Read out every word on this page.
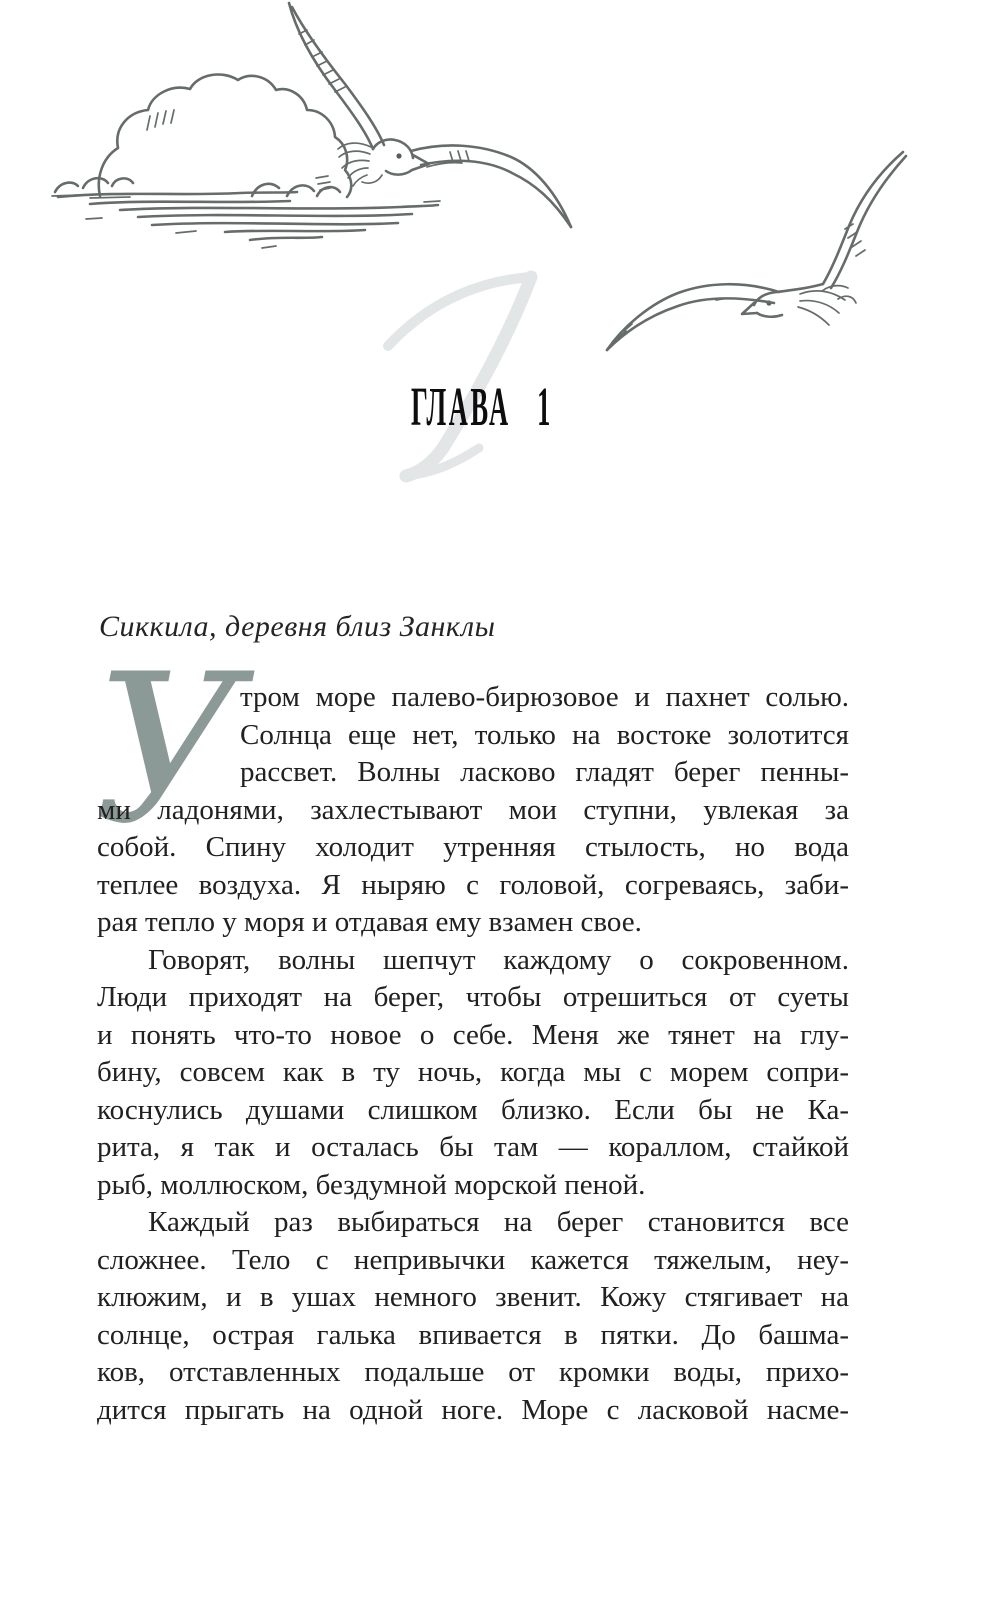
ГЛАВА 1
Сиккила, деревня близ Занклы
У
тром море палево-бирюзовое и пахнет солью.
Солнца еще нет, только на востоке золотится
рассвет. Волны ласково гладят берег пенны-
ми ладонями, захлестывают мои ступни, увлекая за
собой. Спину холодит утренняя стылость, но вода
теплее воздуха. Я ныряю с головой, согреваясь, заби-
рая тепло у моря и отдавая ему взамен свое.
Говорят, волны шепчут каждому о сокровенном.
Люди приходят на берег, чтобы отрешиться от суеты
и понять что-то новое о себе. Меня же тянет на глу-
бину, совсем как в ту ночь, когда мы с морем сопри-
коснулись душами слишком близко. Если бы не Ка-
рита, я так и осталась бы там — кораллом, стайкой
рыб, моллюском, бездумной морской пеной.
Каждый раз выбираться на берег становится все
сложнее. Тело с непривычки кажется тяжелым, неу-
клюжим, и в ушах немного звенит. Кожу стягивает на
солнце, острая галька впивается в пятки. До башма-
ков, отставленных подальше от кромки воды, прихо-
дится прыгать на одной ноге. Море с ласковой насме-
